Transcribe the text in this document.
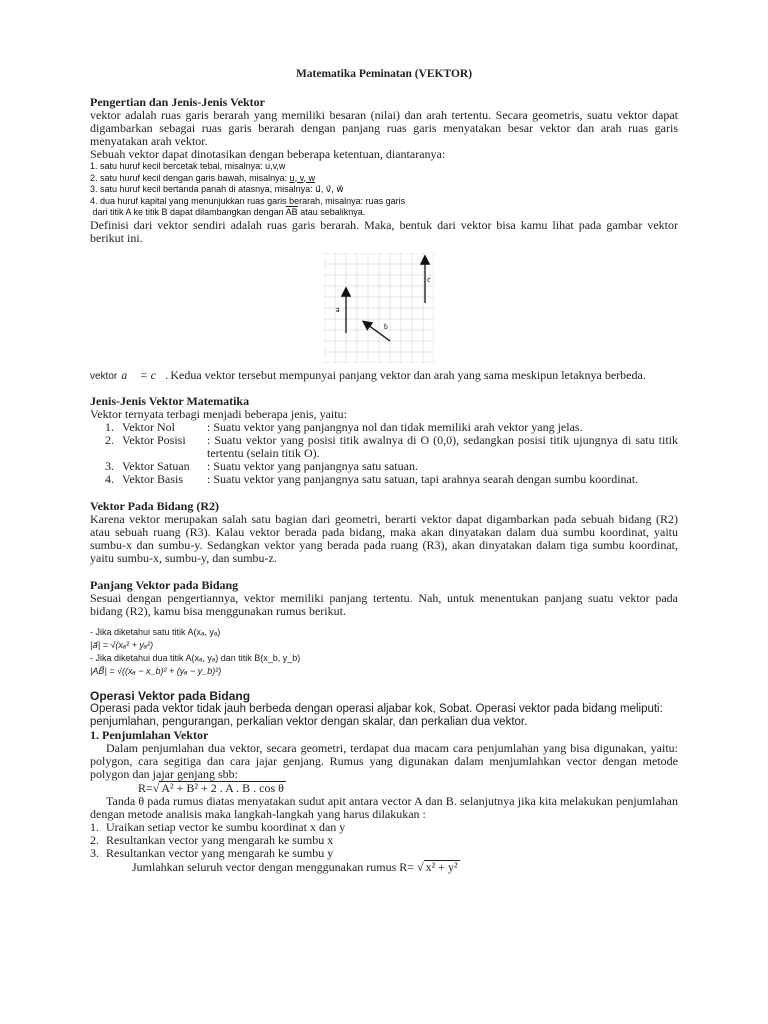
Matematika Peminatan (VEKTOR)

Pengertian dan Jenis-Jenis Vektor

vektor adalah ruas garis berarah yang memiliki besaran (nilai) dan arah tertentu. Secara geometris, suatu vektor dapat digambarkan sebagai ruas garis berarah dengan panjang ruas garis menyatakan besar vektor dan arah ruas garis menyatakan arah vektor.

Sebuah vektor dapat dinotasikan dengan beberapa ketentuan, diantaranya:

1. satu huruf kecil bercetak tebal, misalnya: u,v,w
2. satu huruf kecil dengan garis bawah, misalnya: u, v, w
3. satu huruf kecil bertanda panah di atasnya, misalnya: u⃗, v⃗, w⃗
4. dua huruf kapital yang menunjukkan ruas garis berarah, misalnya: ruas garis
dari titik A ke titik B dapat dilambangkan dengan $\overline{AB}$ atau sebaliknya.

Definisi dari vektor sendiri adalah ruas garis berarah. Maka, bentuk dari vektor bisa kamu lihat pada gambar vektor berikut ini.

a⃗
b⃗
c⃗
vektor a⃗ = c⃗. Kedua vektor tersebut mempunyai panjang vektor dan arah yang sama meskipun letaknya berbeda.
Jenis-Jenis Vektor Matematika

Vektor ternyata terbagi menjadi beberapa jenis, yaitu:

1. Vektor Nol	: Suatu vektor yang panjangnya nol dan tidak memiliki arah vektor yang jelas.
2. Vektor Posisi	: Suatu vektor yang posisi titik awalnya di O (0,0), sedangkan posisi titik ujungnya di satu titik tertentu (selain titik O).
3. Vektor Satuan	: Suatu vektor yang panjangnya satu satuan.
4. Vektor Basis	: Suatu vektor yang panjangnya satu satuan, tapi arahnya searah dengan sumbu koordinat.
Vektor Pada Bidang (R2)

Karena vektor merupakan salah satu bagian dari geometri, berarti vektor dapat digambarkan pada sebuah bidang (R2) atau sebuah ruang (R3). Kalau vektor berada pada bidang, maka akan dinyatakan dalam dua sumbu koordinat, yaitu sumbu-x dan sumbu-y. Sedangkan vektor yang berada pada ruang (R3), akan dinyatakan dalam tiga sumbu koordinat, yaitu sumbu-x, sumbu-y, dan sumbu-z.

Panjang Vektor pada Bidang

Sesuai dengan pengertiannya, vektor memiliki panjang tertentu. Nah, untuk menentukan panjang suatu vektor pada bidang (R2), kamu bisa menggunakan rumus berikut.

- Jika diketahui satu titik A(xₐ, yₐ)
|a⃗| = √(xₐ² + yₐ²)
- Jika diketahui dua titik A(xₐ, yₐ) dan titik B(x_b, y_b)
|AB⃗| = √((xₐ − x_b)² + (yₐ − y_b)²)
Operasi Vektor pada Bidang

Operasi pada vektor tidak jauh berbeda dengan operasi aljabar kok, Sobat. Operasi vektor pada bidang meliputi: penjumlahan, pengurangan, perkalian vektor dengan skalar, dan perkalian dua vektor.

1. Penjumlahan Vektor

Dalam penjumlahan dua vektor, secara geometri, terdapat dua macam cara penjumlahan yang bisa digunakan, yaitu: polygon, cara segitiga dan cara jajar genjang. Rumus yang digunakan dalam menjumlahkan vector dengan metode polygon dan jajar genjang sbb:

R=√ A² + B² + 2 . A . B . cos θ

Tanda θ pada rumus diatas menyatakan sudut apit antara vector A dan B. selanjutnya jika kita melakukan penjumlahan dengan metode analisis maka langkah-langkah yang harus dilakukan :

1. Uraikan setiap vector ke sumbu koordinat x dan y
2. Resultankan vector yang mengarah ke sumbu x
3. Resultankan vector yang mengarah ke sumbu y

Jumlahkan seluruh vector dengan menggunakan rumus R= √ x² + y²
